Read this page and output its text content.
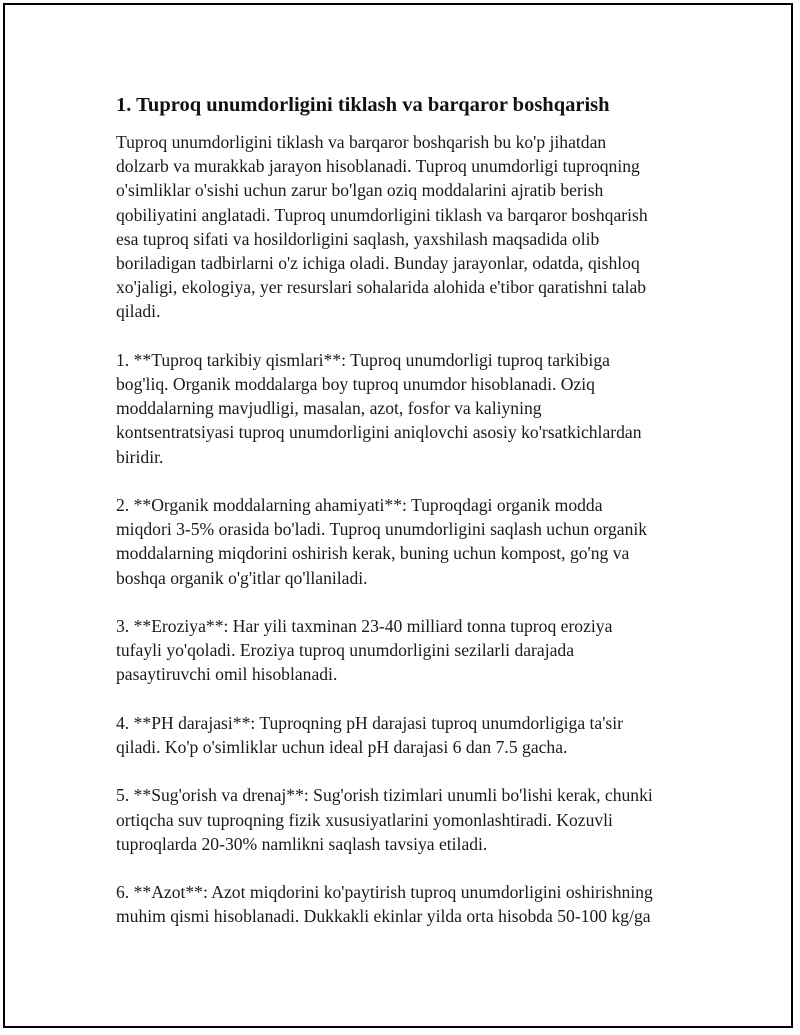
1. Tuproq unumdorligini tiklash va barqaror boshqarish

Tuproq unumdorligini tiklash va barqaror boshqarish bu ko'p jihatdan
dolzarb va murakkab jarayon hisoblanadi. Tuproq unumdorligi tuproqning
o'simliklar o'sishi uchun zarur bo'lgan oziq moddalarini ajratib berish
qobiliyatini anglatadi. Tuproq unumdorligini tiklash va barqaror boshqarish
esa tuproq sifati va hosildorligini saqlash, yaxshilash maqsadida olib
boriladigan tadbirlarni o'z ichiga oladi. Bunday jarayonlar, odatda, qishloq
xo'jaligi, ekologiya, yer resurslari sohalarida alohida e'tibor qaratishni talab
qiladi.

1. **Tuproq tarkibiy qismlari**: Tuproq unumdorligi tuproq tarkibiga
bog'liq. Organik moddalarga boy tuproq unumdor hisoblanadi. Oziq
moddalarning mavjudligi, masalan, azot, fosfor va kaliyning
kontsentratsiyasi tuproq unumdorligini aniqlovchi asosiy ko'rsatkichlardan
biridir.

2. **Organik moddalarning ahamiyati**: Tuproqdagi organik modda
miqdori 3-5% orasida bo'ladi. Tuproq unumdorligini saqlash uchun organik
moddalarning miqdorini oshirish kerak, buning uchun kompost, go'ng va
boshqa organik o'g'itlar qo'llaniladi.

3. **Eroziya**: Har yili taxminan 23-40 milliard tonna tuproq eroziya
tufayli yo'qoladi. Eroziya tuproq unumdorligini sezilarli darajada
pasaytiruvchi omil hisoblanadi.

4. **PH darajasi**: Tuproqning pH darajasi tuproq unumdorligiga ta'sir
qiladi. Ko'p o'simliklar uchun ideal pH darajasi 6 dan 7.5 gacha.

5. **Sug'orish va drenaj**: Sug'orish tizimlari unumli bo'lishi kerak, chunki
ortiqcha suv tuproqning fizik xususiyatlarini yomonlashtiradi. Kozuvli
tuproqlarda 20-30% namlikni saqlash tavsiya etiladi.

6. **Azot**: Azot miqdorini ko'paytirish tuproq unumdorligini oshirishning
muhim qismi hisoblanadi. Dukkakli ekinlar yilda orta hisobda 50-100 kg/ga
